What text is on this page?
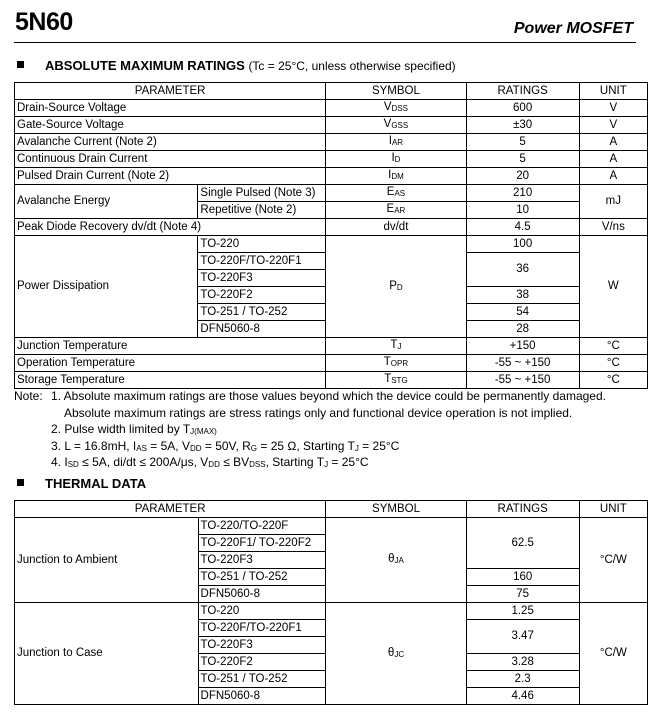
5N60	Power MOSFET
ABSOLUTE MAXIMUM RATINGS (Tc = 25°C, unless otherwise specified)
PARAMETER		SYMBOL	RATINGS	UNIT
Drain-Source Voltage		$V_{DSS}$	600	V
Gate-Source Voltage		$V_{GSS}$	±30	V
Avalanche Current (Note 2)		$I_{AR}$	5	A
Continuous Drain Current		$I_D$	5	A
Pulsed Drain Current (Note 2)		$I_{DM}$	20	A
Avalanche Energy	Single Pulsed (Note 3)	$E_{AS}$	210	mJ
	Repetitive (Note 2)	$E_{AR}$	10	
Peak Diode Recovery dv/dt (Note 4)		dv/dt	4.5	V/ns
Power Dissipation	TO-220	$P_D$	100	W
	TO-220F/TO-220F1		36	
	TO-220F3			
	TO-220F2		38	
	TO-251 / TO-252		54	
	DFN5060-8		28	
Junction Temperature		$T_J$	+150	°C
Operation Temperature		$T_{OPR}$	-55 ~ +150	°C
Storage Temperature		$T_{STG}$	-55 ~ +150	°C
Note: 1. Absolute maximum ratings are those values beyond which the device could be permanently damaged.
Absolute maximum ratings are stress ratings only and functional device operation is not implied.
2. Pulse width limited by $T_{J(MAX)}$
3. L = 16.8mH, $I_{AS} = 5A$, $V_{DD} = 50V$, $R_G = 25$ Ω, Starting $T_J = 25^\circ C$
4. $I_{SD} \le 5A$, di/dt ≤ 200A/μs, $V_{DD} \le BV_{DSS}$, Starting $T_J = 25^\circ C$
THERMAL DATA
PARAMETER		SYMBOL	RATINGS	UNIT
Junction to Ambient	TO-220/TO-220F	$\theta_{JA}$	62.5	°C/W
	TO-220F1/ TO-220F2			
	TO-220F3			
	TO-251 / TO-252		160	
	DFN5060-8		75	
Junction to Case	TO-220	$\theta_{JC}$	1.25	°C/W
	TO-220F/TO-220F1		3.47	
	TO-220F3			
	TO-220F2		3.28	
	TO-251 / TO-252		2.3	
	DFN5060-8		4.46	
